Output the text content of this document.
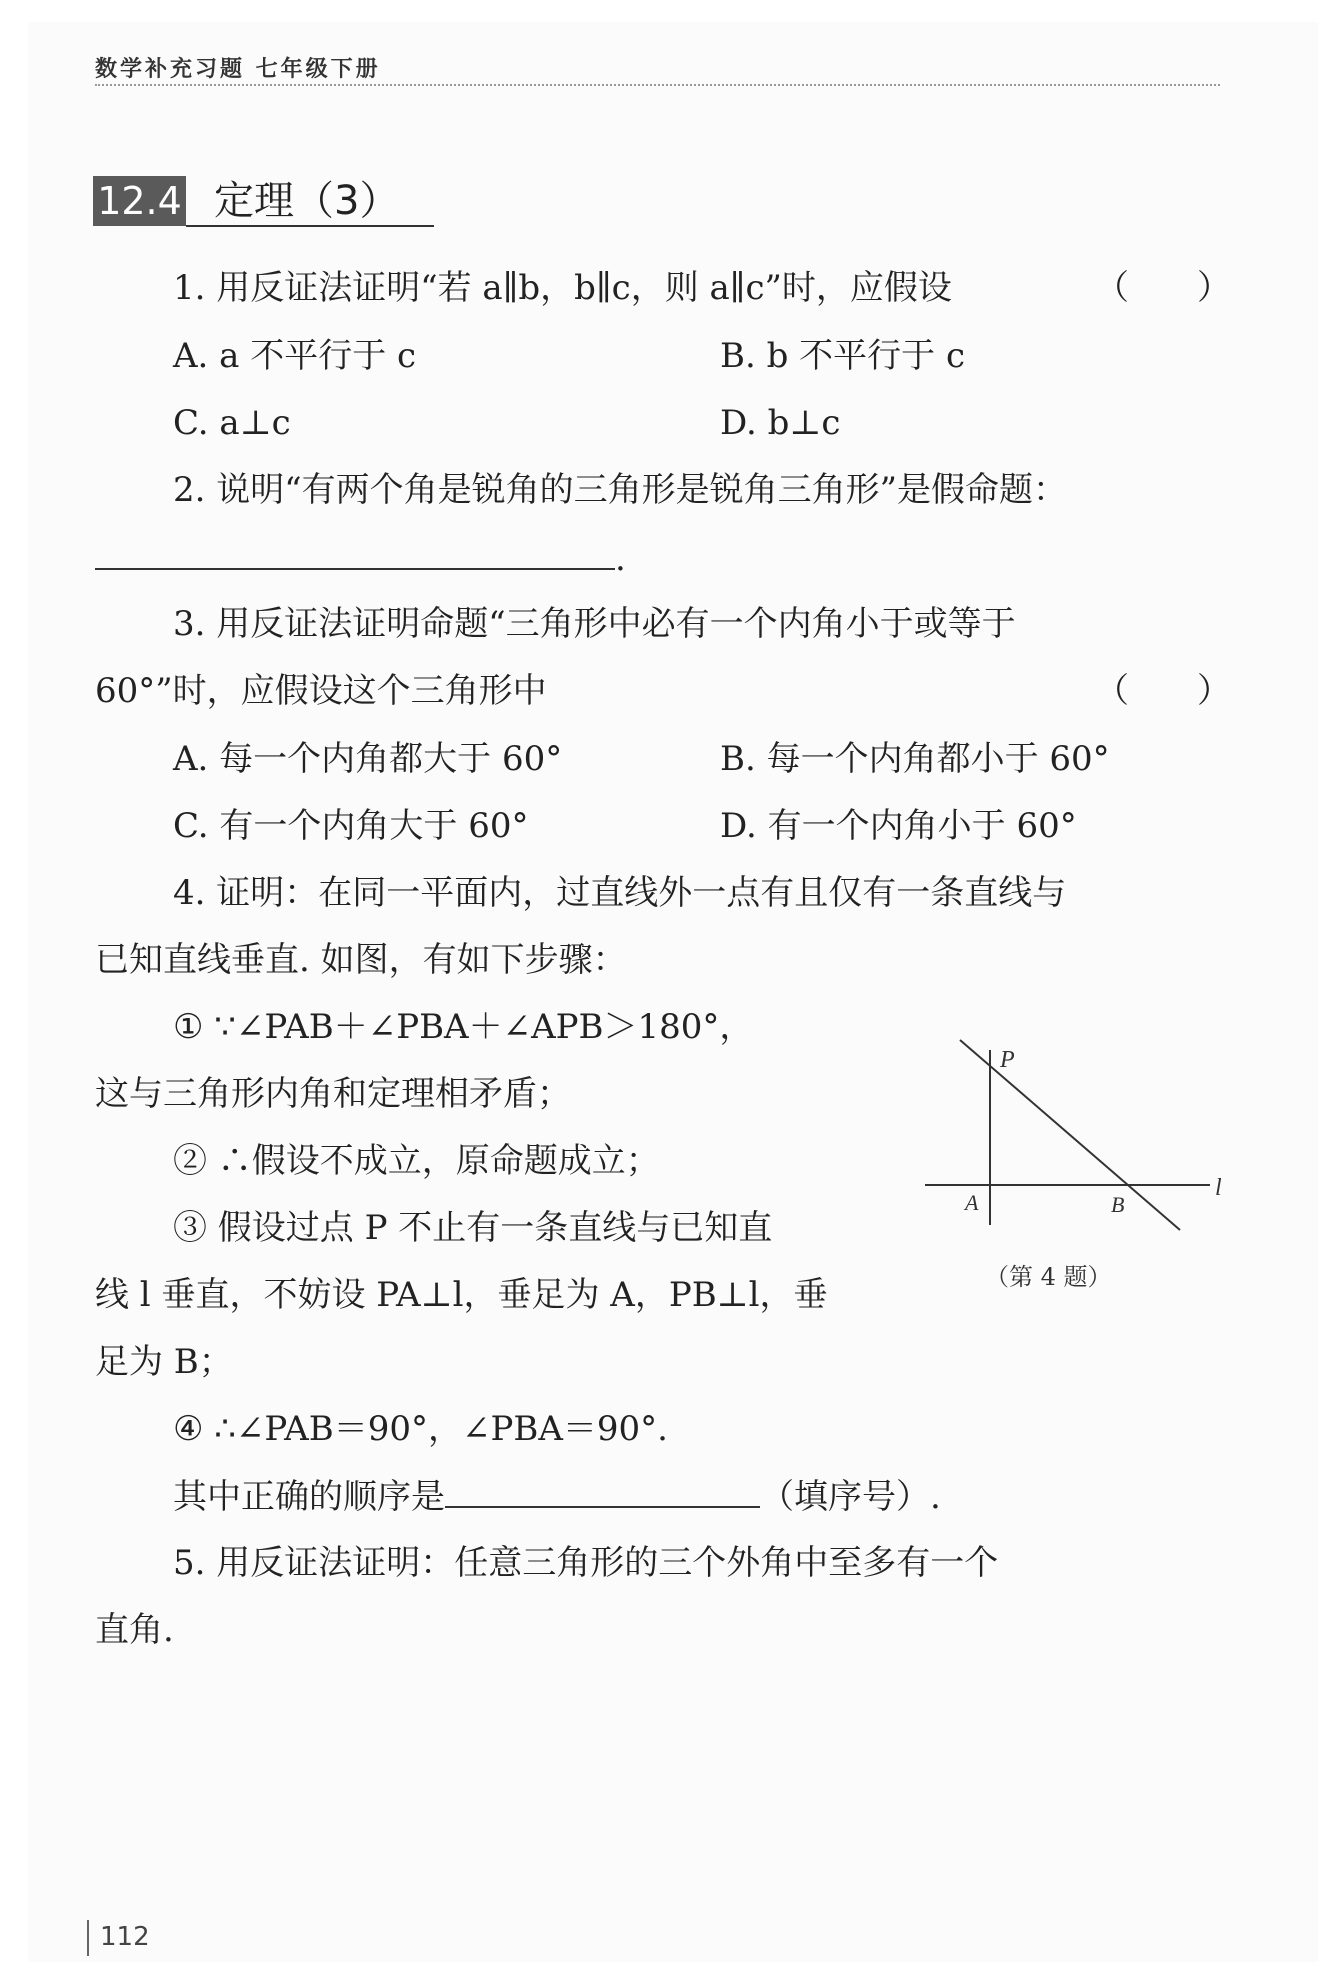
数学补充习题 七年级下册
12.4 定理（3）
1. 用反证法证明“若 a∥b，b∥c，则 a∥c”时，应假设	（　　）
A. a 不平行于 c	B. b 不平行于 c
C. a⊥c	D. b⊥c
2. 说明“有两个角是锐角的三角形是锐角三角形”是假命题：
.
3. 用反证法证明命题“三角形中必有一个内角小于或等于
60°”时，应假设这个三角形中	（　　）
A. 每一个内角都大于 60°	B. 每一个内角都小于 60°
C. 有一个内角大于 60°	D. 有一个内角小于 60°
4. 证明：在同一平面内，过直线外一点有且仅有一条直线与
已知直线垂直. 如图，有如下步骤：
① ∵∠PAB＋∠PBA＋∠APB＞180°，
这与三角形内角和定理相矛盾；
② ∴假设不成立，原命题成立；
③ 假设过点 P 不止有一条直线与已知直
线 l 垂直，不妨设 PA⊥l，垂足为 A，PB⊥l，垂
足为 B；
④ ∴∠PAB＝90°，∠PBA＝90°.
其中正确的顺序是	（填序号）.
P
A	B
l
（第 4 题）
5. 用反证法证明：任意三角形的三个外角中至多有一个
直角.
112
